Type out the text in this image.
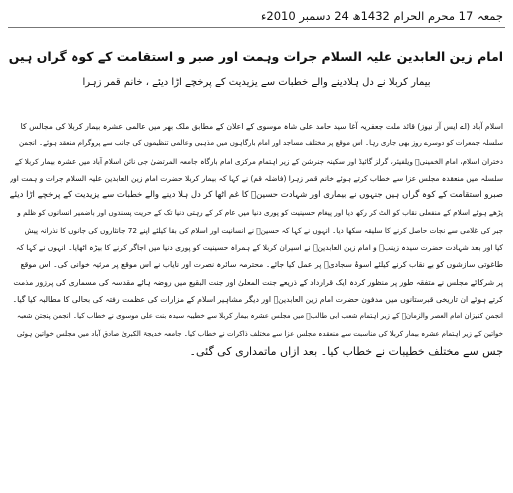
جمعہ 17 محرم الحرام 1432ھ 24 دسمبر 2010ء
امام زین العابدین علیہ السلام جرات وہمت اور صبر و استقامت کے کوہ گراں ہیں
بیمار کربلا نے دل ہلادینے والے خطبات سے یزیدیت کے پرخچے اڑا دیئے ، خانم قمر زہرا

اسلام آباد (اے ایس آر نیوز) قائد ملت جعفریہ آغا سید حامد علی شاہ موسوی کے اعلان کے مطابق ملک بھر میں عالمی عشرہ بیمار کربلا کی مجالس کا

سلسلہ جمعرات کو دوسرے روز بھی جاری رہا۔ اس موقع پر مختلف مساجد اور امام بارگاہوں میں مذہبی وعالمی تنظیموں کی جانب سے پروگرام منعقد ہوئے۔ انجمن

دختران اسلام، امام الخمینیؒ ویلفیئر، گرلز گائیڈ اور سکینہ جنرشن کے زیر اہتمام مرکزی امام بارگاہ جامعہ المرتضیٰ جی نائن اسلام آباد میں عشرہ بیمار کربلا کے

سلسلہ میں منعقدہ مجلس عزا سے خطاب کرتے ہوئے خانم قمر زہرا (فاضلہ قم) نے کہا کہ بیمار کربلا حضرت امام زین العابدین علیہ السلام جرات و ہمت اور

صبرو استقامت کے کوہ گراں ہیں جنہوں نے بیماری اور شہادت حسینؑ کا غم اٹھا کر دل ہلا دینے والے خطبات سے یزیدیت کے پرخچے اڑا دیئے

پڑھے ہوئے اسلام کے منفعلی نقاب کو الٹ کر رکھ دیا اور پیغام حسینیت کو پوری دنیا میں عام کر کے رہتی دنیا تک کے حریت پسندوں اور باضمیر انسانوں کو ظلم و

جبر کی غلامی سے نجات حاصل کرنے کا سلیقہ سکھا دیا۔ انہوں نے کہا کہ حسینؑ نے انسانیت اور اسلام کی بقا کیلئے اپنے 72 جانثاروں کی جانوں کا نذرانہ پیش

کیا اور بعد شہادت حضرت سیدہ زینبؑ و امام زین العابدینؑ نے اسیران کربلا کے ہمراہ حسینیت کو پوری دنیا میں اجاگر کرنے کا بیڑہ اٹھایا۔ انہوں نے کہا کہ

طاغوتی سازشوں کو بے نقاب کرنے کیلئے اسوۂ سجادیؑ پر عمل کیا جائے۔ محترمہ سائرہ نصرت اور نایاب نے اس موقع پر مرثیہ خوانی کی۔ اس موقع

پر شرکائے مجلس نے متفقہ طور پر منظور کردہ ایک قرارداد کے ذریعے جنت المعلیٰ اور جنت البقیع میں روضہ ہائے مقدسہ کی مسماری کی پرزور مذمت

کرتے ہوئے ان تاریخی قبرستانوں میں مدفون حضرت امام زین العابدینؑ اور دیگر مشاہیر اسلام کے مزارات کی عظمت رفتہ کی بحالی کا مطالبہ کیا گیا۔

انجمن کنیزان امام العصر والزمانؑ کے زیر اہتمام شعب ابی طالبؑ میں مجلس عشرہ بیمار کربلا سے خطیبہ سیدہ بنت علی موسوی نے خطاب کیا۔ انجمن پنجتن شعبہ

خواتین کے زیر اہتمام عشرہ بیمار کربلا کی مناسبت سے منعقدہ مجلس عزا سے مختلف ذاکرات نے خطاب کیا۔ جامعہ خدیجۃ الکبریٰ صادق آباد میں مجلس خواتین ہوئی

جس سے مختلف خطیبات نے خطاب کیا۔ بعد ازاں ماتمداری کی گئی۔
